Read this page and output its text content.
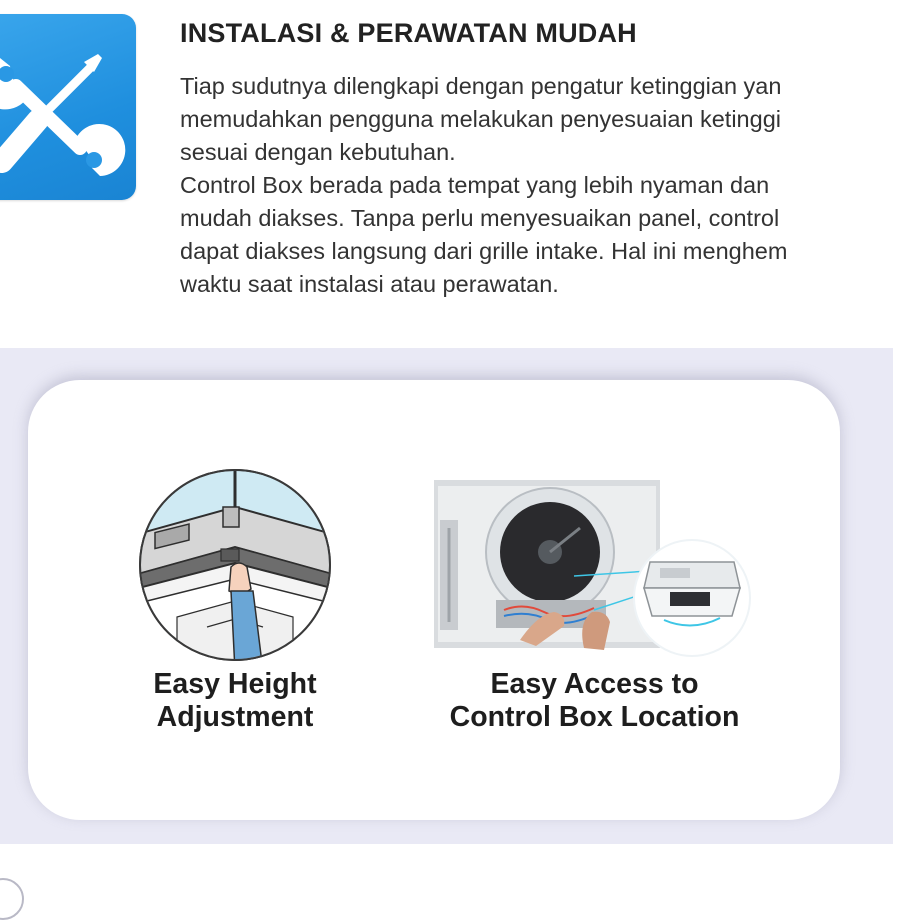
INSTALASI & PERAWATAN MUDAH
Tiap sudutnya dilengkapi dengan pengatur ketinggian yan
memudahkan pengguna melakukan penyesuaian ketinggi
sesuai dengan kebutuhan.
Control Box berada pada tempat yang lebih nyaman dan
mudah diakses. Tanpa perlu menyesuaikan panel, control
dapat diakses langsung dari grille intake. Hal ini menghem
waktu saat instalasi atau perawatan.
Easy Height
Adjustment
Easy Access to
Control Box Location
